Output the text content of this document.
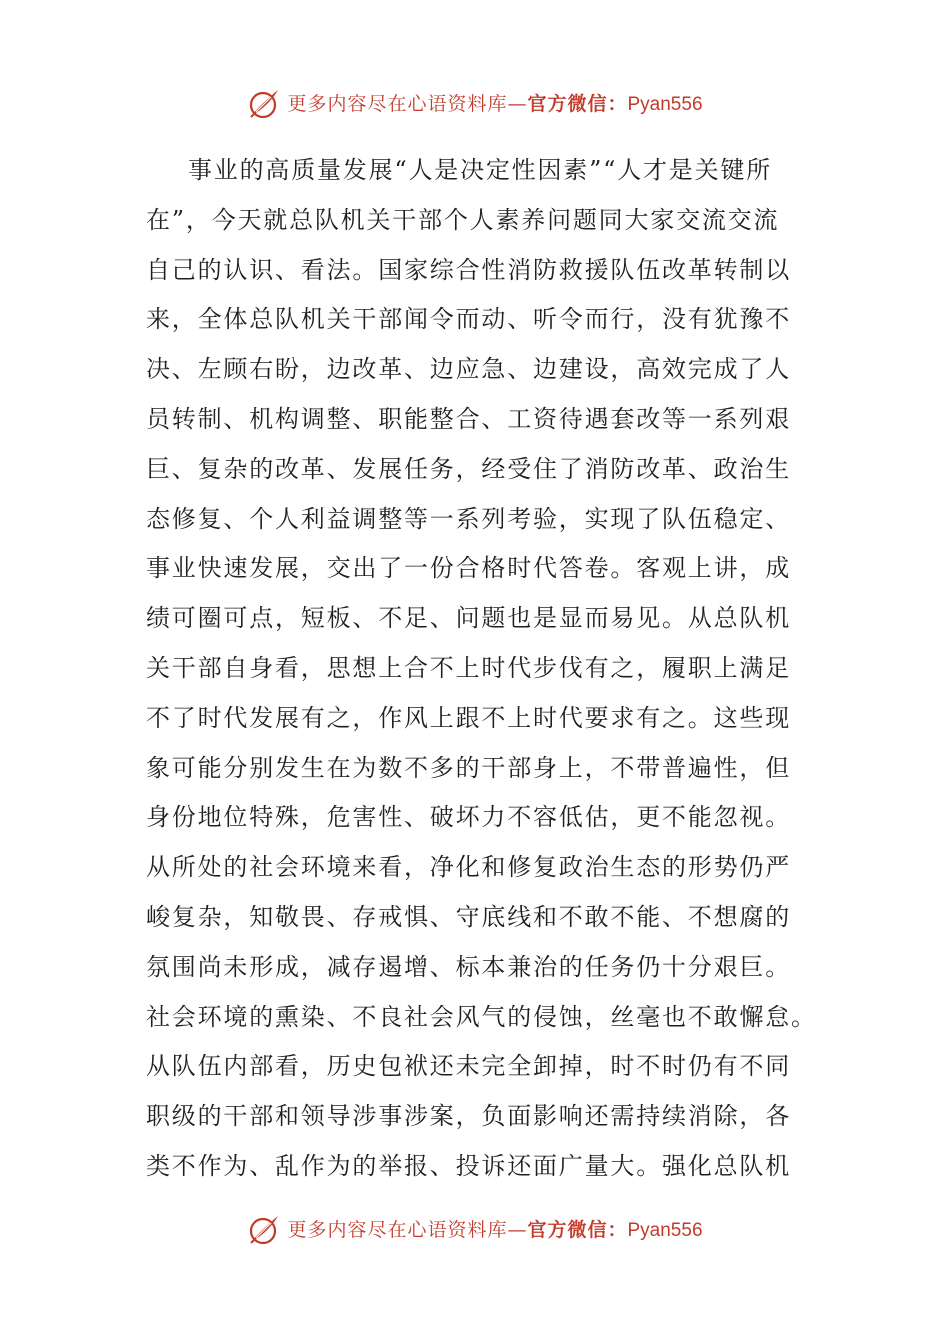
更多内容尽在心语资料库—官方微信：Pyan556
事业的高质量发展“人是决定性因素”“人才是关键所
在”，今天就总队机关干部个人素养问题同大家交流交流
自己的认识、看法。国家综合性消防救援队伍改革转制以
来，全体总队机关干部闻令而动、听令而行，没有犹豫不
决、左顾右盼，边改革、边应急、边建设，高效完成了人
员转制、机构调整、职能整合、工资待遇套改等一系列艰
巨、复杂的改革、发展任务，经受住了消防改革、政治生
态修复、个人利益调整等一系列考验，实现了队伍稳定、
事业快速发展，交出了一份合格时代答卷。客观上讲，成
绩可圈可点，短板、不足、问题也是显而易见。从总队机
关干部自身看，思想上合不上时代步伐有之，履职上满足
不了时代发展有之，作风上跟不上时代要求有之。这些现
象可能分别发生在为数不多的干部身上，不带普遍性，但
身份地位特殊，危害性、破坏力不容低估，更不能忽视。
从所处的社会环境来看，净化和修复政治生态的形势仍严
峻复杂，知敬畏、存戒惧、守底线和不敢不能、不想腐的
氛围尚未形成，减存遏增、标本兼治的任务仍十分艰巨。
社会环境的熏染、不良社会风气的侵蚀，丝毫也不敢懈怠。
从队伍内部看，历史包袱还未完全卸掉，时不时仍有不同
职级的干部和领导涉事涉案，负面影响还需持续消除，各
类不作为、乱作为的举报、投诉还面广量大。强化总队机
更多内容尽在心语资料库—官方微信：Pyan556
